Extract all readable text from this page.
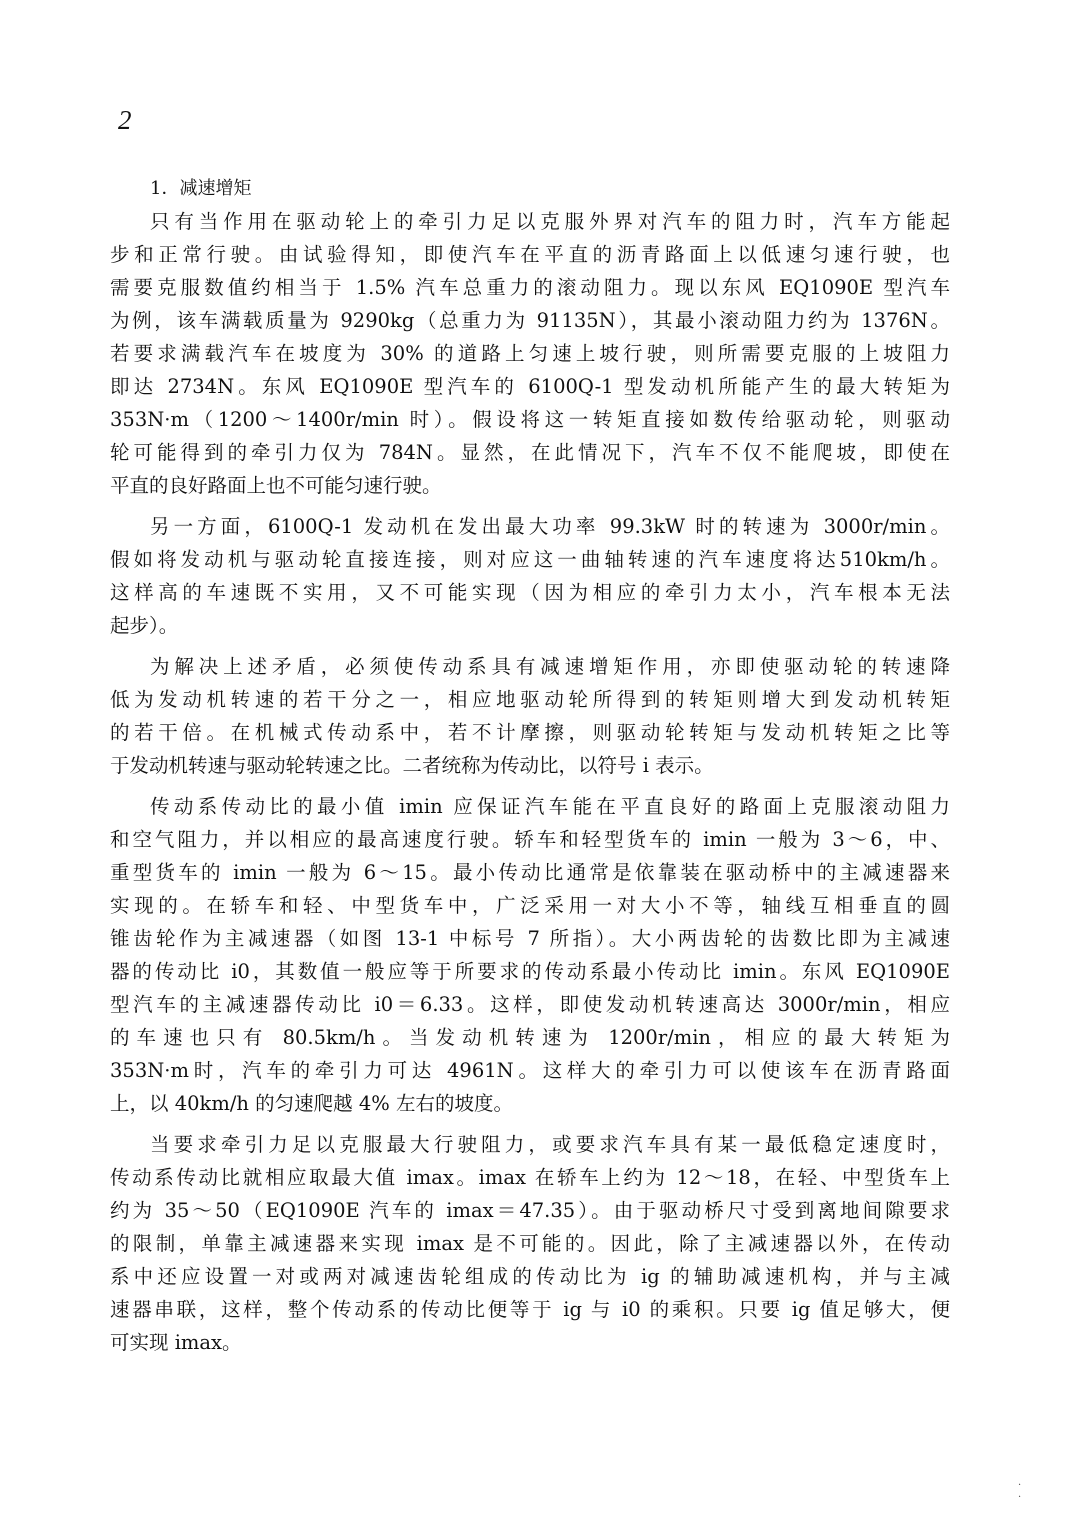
2
1．减速增矩
只有当作用在驱动轮上的牵引力足以克服外界对汽车的阻力时，汽车方能起
步和正常行驶。由试验得知，即使汽车在平直的沥青路面上以低速匀速行驶，也
需要克服数值约相当于 1.5% 汽车总重力的滚动阻力。现以东风 EQ1090E 型汽车
为例，该车满载质量为 9290kg（总重力为 91135N），其最小滚动阻力约为 1376N。
若要求满载汽车在坡度为 30% 的道路上匀速上坡行驶，则所需要克服的上坡阻力
即达 2734N。东风 EQ1090E 型汽车的 6100Q-1 型发动机所能产生的最大转矩为
353N·m（1200～1400r/min 时）。假设将这一转矩直接如数传给驱动轮，则驱动
轮可能得到的牵引力仅为 784N。显然，在此情况下，汽车不仅不能爬坡，即使在
平直的良好路面上也不可能匀速行驶。
另一方面，6100Q-1 发动机在发出最大功率 99.3kW 时的转速为 3000r/min。
假如将发动机与驱动轮直接连接，则对应这一曲轴转速的汽车速度将达510km/h。
这样高的车速既不实用，又不可能实现（因为相应的牵引力太小，汽车根本无法
起步）。
为解决上述矛盾，必须使传动系具有减速增矩作用，亦即使驱动轮的转速降
低为发动机转速的若干分之一，相应地驱动轮所得到的转矩则增大到发动机转矩
的若干倍。在机械式传动系中，若不计摩擦，则驱动轮转矩与发动机转矩之比等
于发动机转速与驱动轮转速之比。二者统称为传动比，以符号 i 表示。
传动系传动比的最小值 imin 应保证汽车能在平直良好的路面上克服滚动阻力
和空气阻力，并以相应的最高速度行驶。轿车和轻型货车的 imin 一般为 3～6，中、
重型货车的 imin 一般为 6～15。最小传动比通常是依靠装在驱动桥中的主减速器来
实现的。在轿车和轻、中型货车中，广泛采用一对大小不等，轴线互相垂直的圆
锥齿轮作为主减速器（如图 13-1 中标号 7 所指）。大小两齿轮的齿数比即为主减速
器的传动比 i0，其数值一般应等于所要求的传动系最小传动比 imin。东风 EQ1090E
型汽车的主减速器传动比 i0＝6.33。这样，即使发动机转速高达 3000r/min，相应
的车速也只有 80.5km/h。当发动机转速为 1200r/min，相应的最大转矩为
353N·m时，汽车的牵引力可达 4961N。这样大的牵引力可以使该车在沥青路面
上，以 40km/h 的匀速爬越 4% 左右的坡度。
当要求牵引力足以克服最大行驶阻力，或要求汽车具有某一最低稳定速度时，
传动系传动比就相应取最大值 imax。imax 在轿车上约为 12～18，在轻、中型货车上
约为 35～50（EQ1090E 汽车的 imax＝47.35）。由于驱动桥尺寸受到离地间隙要求
的限制，单靠主减速器来实现 imax 是不可能的。因此，除了主减速器以外，在传动
系中还应设置一对或两对减速齿轮组成的传动比为 ig 的辅助减速机构，并与主减
速器串联，这样，整个传动系的传动比便等于 ig 与 i0 的乘积。只要 ig 值足够大，便
可实现 imax。
·
·
